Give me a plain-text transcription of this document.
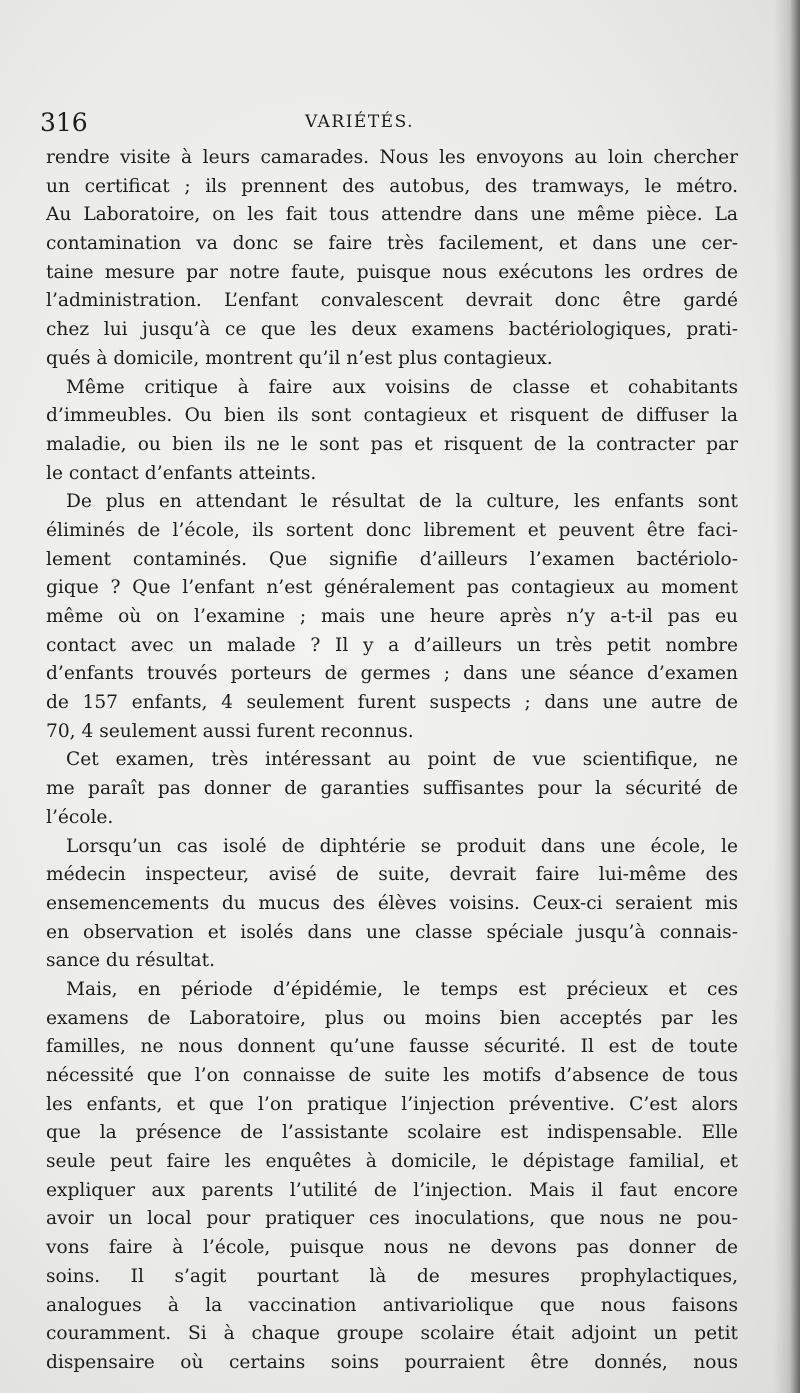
316	VARIÉTÉS.
rendre visite à leurs camarades. Nous les envoyons au loin chercher
un certificat ; ils prennent des autobus, des tramways, le métro.
Au Laboratoire, on les fait tous attendre dans une même pièce. La
contamination va donc se faire très facilement, et dans une cer-
taine mesure par notre faute, puisque nous exécutons les ordres de
l’administration. L’enfant convalescent devrait donc être gardé
chez lui jusqu’à ce que les deux examens bactériologiques, prati-
qués à domicile, montrent qu’il n’est plus contagieux.
Même critique à faire aux voisins de classe et cohabitants
d’immeubles. Ou bien ils sont contagieux et risquent de diffuser la
maladie, ou bien ils ne le sont pas et risquent de la contracter par
le contact d’enfants atteints.
De plus en attendant le résultat de la culture, les enfants sont
éliminés de l’école, ils sortent donc librement et peuvent être faci-
lement contaminés. Que signifie d’ailleurs l’examen bactériolo-
gique ? Que l’enfant n’est généralement pas contagieux au moment
même où on l’examine ; mais une heure après n’y a-t-il pas eu
contact avec un malade ? Il y a d’ailleurs un très petit nombre
d’enfants trouvés porteurs de germes ; dans une séance d’examen
de 157 enfants, 4 seulement furent suspects ; dans une autre de
70, 4 seulement aussi furent reconnus.
Cet examen, très intéressant au point de vue scientifique, ne
me paraît pas donner de garanties suffisantes pour la sécurité de
l’école.
Lorsqu’un cas isolé de diphtérie se produit dans une école, le
médecin inspecteur, avisé de suite, devrait faire lui-même des
ensemencements du mucus des élèves voisins. Ceux-ci seraient mis
en observation et isolés dans une classe spéciale jusqu’à connais-
sance du résultat.
Mais, en période d’épidémie, le temps est précieux et ces
examens de Laboratoire, plus ou moins bien acceptés par les
familles, ne nous donnent qu’une fausse sécurité. Il est de toute
nécessité que l’on connaisse de suite les motifs d’absence de tous
les enfants, et que l’on pratique l’injection préventive. C’est alors
que la présence de l’assistante scolaire est indispensable. Elle
seule peut faire les enquêtes à domicile, le dépistage familial, et
expliquer aux parents l’utilité de l’injection. Mais il faut encore
avoir un local pour pratiquer ces inoculations, que nous ne pou-
vons faire à l’école, puisque nous ne devons pas donner de
soins. Il s’agit pourtant là de mesures prophylactiques,
analogues à la vaccination antivariolique que nous faisons
couramment. Si à chaque groupe scolaire était adjoint un petit
dispensaire où certains soins pourraient être donnés, nous
